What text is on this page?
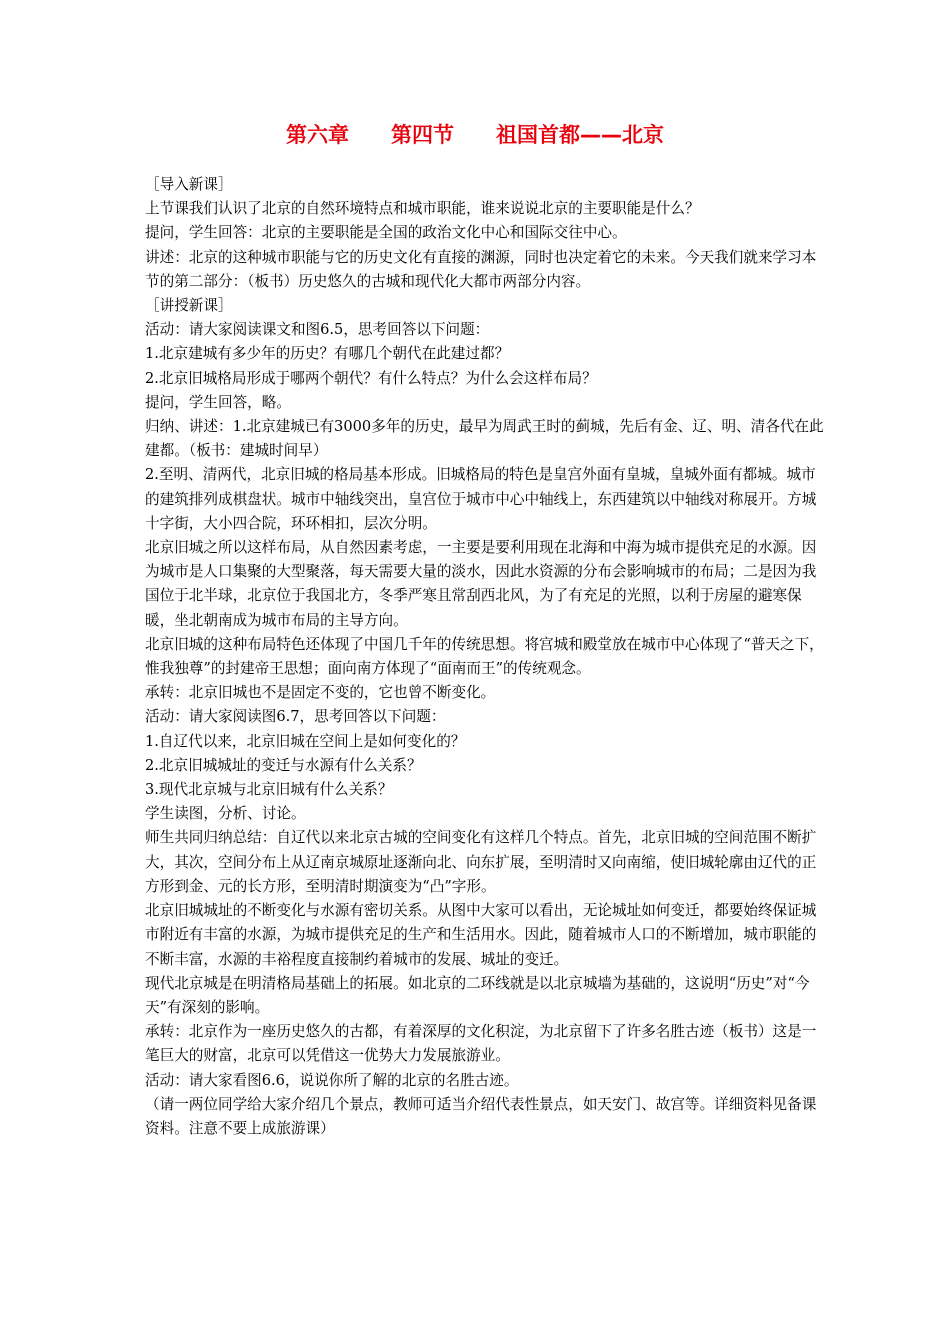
第六章　　第四节　　祖国首都——北京

［导入新课］

上节课我们认识了北京的自然环境特点和城市职能，谁来说说北京的主要职能是什么？

提问，学生回答：北京的主要职能是全国的政治文化中心和国际交往中心。

讲述：北京的这种城市职能与它的历史文化有直接的渊源，同时也决定着它的未来。今天我们就来学习本节的第二部分：（板书）历史悠久的古城和现代化大都市两部分内容。

［讲授新课］

活动：请大家阅读课文和图6.5，思考回答以下问题：

1.北京建城有多少年的历史？有哪几个朝代在此建过都？

2.北京旧城格局形成于哪两个朝代？有什么特点？为什么会这样布局？

提问，学生回答，略。

归纳、讲述：1.北京建城已有3000多年的历史，最早为周武王时的蓟城，先后有金、辽、明、清各代在此建都。（板书：建城时间早）

2.至明、清两代，北京旧城的格局基本形成。旧城格局的特色是皇宫外面有皇城，皇城外面有都城。城市的建筑排列成棋盘状。城市中轴线突出，皇宫位于城市中心中轴线上，东西建筑以中轴线对称展开。方城十字街，大小四合院，环环相扣，层次分明。

北京旧城之所以这样布局，从自然因素考虑，一主要是要利用现在北海和中海为城市提供充足的水源。因为城市是人口集聚的大型聚落，每天需要大量的淡水，因此水资源的分布会影响城市的布局；二是因为我国位于北半球，北京位于我国北方，冬季严寒且常刮西北风，为了有充足的光照，以利于房屋的避寒保暖，坐北朝南成为城市布局的主导方向。

北京旧城的这种布局特色还体现了中国几千年的传统思想。将宫城和殿堂放在城市中心体现了“普天之下，惟我独尊”的封建帝王思想；面向南方体现了“面南而王”的传统观念。

承转：北京旧城也不是固定不变的，它也曾不断变化。

活动：请大家阅读图6.7，思考回答以下问题：

1.自辽代以来，北京旧城在空间上是如何变化的？

2.北京旧城城址的变迁与水源有什么关系？

3.现代北京城与北京旧城有什么关系？

学生读图，分析、讨论。

师生共同归纳总结：自辽代以来北京古城的空间变化有这样几个特点。首先，北京旧城的空间范围不断扩大，其次，空间分布上从辽南京城原址逐渐向北、向东扩展，至明清时又向南缩，使旧城轮廓由辽代的正方形到金、元的长方形，至明清时期演变为“凸”字形。

北京旧城城址的不断变化与水源有密切关系。从图中大家可以看出，无论城址如何变迁，都要始终保证城市附近有丰富的水源，为城市提供充足的生产和生活用水。因此，随着城市人口的不断增加，城市职能的不断丰富，水源的丰裕程度直接制约着城市的发展、城址的变迁。

现代北京城是在明清格局基础上的拓展。如北京的二环线就是以北京城墙为基础的，这说明“历史”对“今天”有深刻的影响。

承转：北京作为一座历史悠久的古都，有着深厚的文化积淀，为北京留下了许多名胜古迹（板书）这是一笔巨大的财富，北京可以凭借这一优势大力发展旅游业。

活动：请大家看图6.6，说说你所了解的北京的名胜古迹。

（请一两位同学给大家介绍几个景点，教师可适当介绍代表性景点，如天安门、故宫等。详细资料见备课资料。注意不要上成旅游课）
